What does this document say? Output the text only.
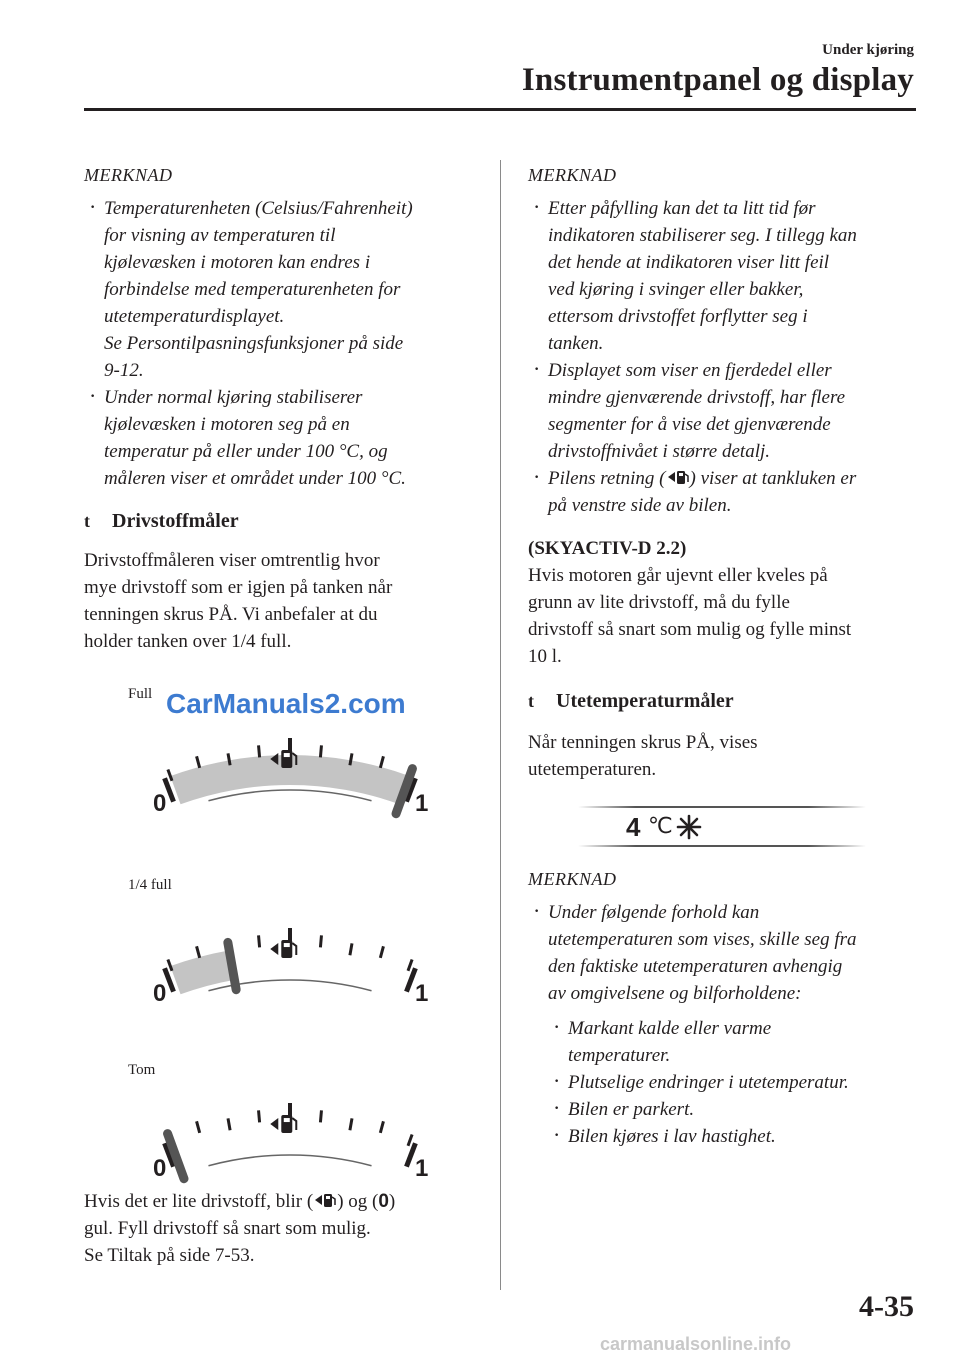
Under kjøring
Instrumentpanel og display
MERKNAD
· Temperaturenheten (Celsius/Fahrenheit)
for visning av temperaturen til
kjølevæsken i motoren kan endres i
forbindelse med temperaturenheten for
utetemperaturdisplayet.
Se Persontilpasningsfunksjoner på side
9-12.
· Under normal kjøring stabiliserer
kjølevæsken i motoren seg på en
temperatur på eller under 100 °C, og
måleren viser et området under 100 °C.
t	Drivstoffmåler
Drivstoffmåleren viser omtrentlig hvor
mye drivstoff som er igjen på tanken når
tenningen skrus PÅ. Vi anbefaler at du
holder tanken over 1/4 full.
Full CarManuals2.com
0	1
1/4 full
0	1
Tom
0	1
Hvis det er lite drivstoff, blir ( ) og (0)
gul. Fyll drivstoff så snart som mulig.
Se Tiltak på side 7-53.
MERKNAD
· Etter påfylling kan det ta litt tid før
indikatoren stabiliserer seg. I tillegg kan
det hende at indikatoren viser litt feil
ved kjøring i svinger eller bakker,
ettersom drivstoffet forflytter seg i
tanken.
· Displayet som viser en fjerdedel eller
mindre gjenværende drivstoff, har flere
segmenter for å vise det gjenværende
drivstoffnivået i større detalj.
· Pilens retning ( ) viser at tankluken er
på venstre side av bilen.
(SKYACTIV-D 2.2)
Hvis motoren går ujevnt eller kveles på
grunn av lite drivstoff, må du fylle
drivstoff så snart som mulig og fylle minst
10 l.
t	Utetemperaturmåler
Når tenningen skrus PÅ, vises
utetemperaturen.
4 ℃
MERKNAD
· Under følgende forhold kan
utetemperaturen som vises, skille seg fra
den faktiske utetemperaturen avhengig
av omgivelsene og bilforholdene:
· Markant kalde eller varme
temperaturer.
· Plutselige endringer i utetemperatur.
· Bilen er parkert.
· Bilen kjøres i lav hastighet.
4-35
carmanualsonline.info
